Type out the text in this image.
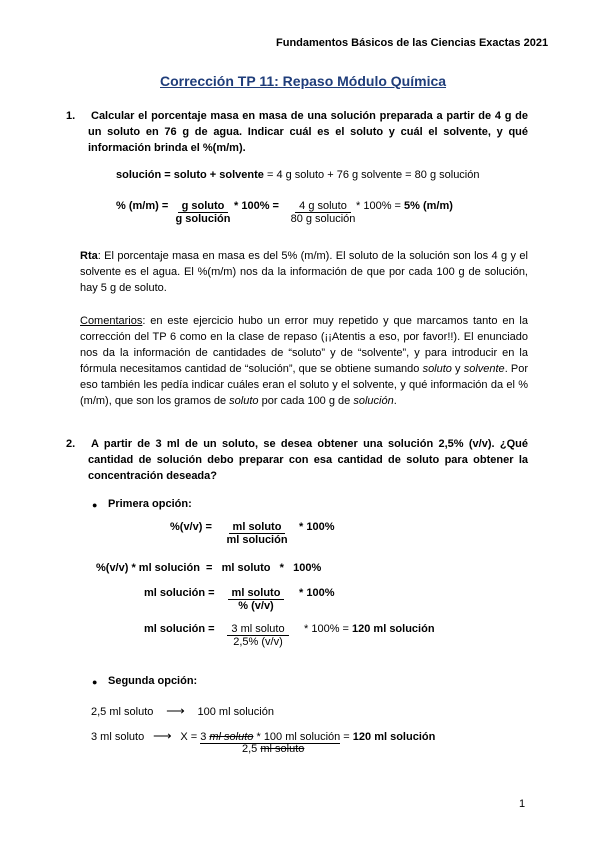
Fundamentos Básicos de las Ciencias Exactas 2021
Corrección TP 11: Repaso Módulo Química
1. Calcular el porcentaje masa en masa de una solución preparada a partir de 4 g de un soluto en 76 g de agua. Indicar cuál es el soluto y cuál el solvente, y qué información brinda el %(m/m).
solución = soluto + solvente = 4 g soluto + 76 g solvente = 80 g solución
% (m/m) =	g soluto
g solución
* 100% =	4 g soluto
80 g solución
* 100% = 5% (m/m)
Rta: El porcentaje masa en masa es del 5% (m/m). El soluto de la solución son los 4 g y el solvente es el agua. El %(m/m) nos da la información de que por cada 100 g de solución, hay 5 g de soluto.
Comentarios: en este ejercicio hubo un error muy repetido y que marcamos tanto en la corrección del TP 6 como en la clase de repaso (¡¡Atentis a eso, por favor!!). El enunciado nos da la información de cantidades de “soluto” y de “solvente”, y para introducir en la fórmula necesitamos cantidad de “solución”, que se obtiene sumando soluto y solvente. Por eso también les pedía indicar cuáles eran el soluto y el solvente, y qué información da el %(m/m), que son los gramos de soluto por cada 100 g de solución.
2. A partir de 3 ml de un soluto, se desea obtener una solución 2,5% (v/v). ¿Qué cantidad de solución debo preparar con esa cantidad de soluto para obtener la concentración deseada?
● Primera opción:
%(v/v) =	ml soluto
ml solución
* 100%
%(v/v) * ml solución  =   ml soluto   *   100%
ml solución =	ml soluto
% (v/v)
* 100%
ml solución =	3 ml soluto
2,5% (v/v)
* 100% = 120 ml solución
● Segunda opción:
2,5 ml soluto ⟶ 100 ml solución
3 ml soluto ⟶ X = 3 ml soluto * 100 ml solución = 120 ml solución
2,5 ml soluto
1
